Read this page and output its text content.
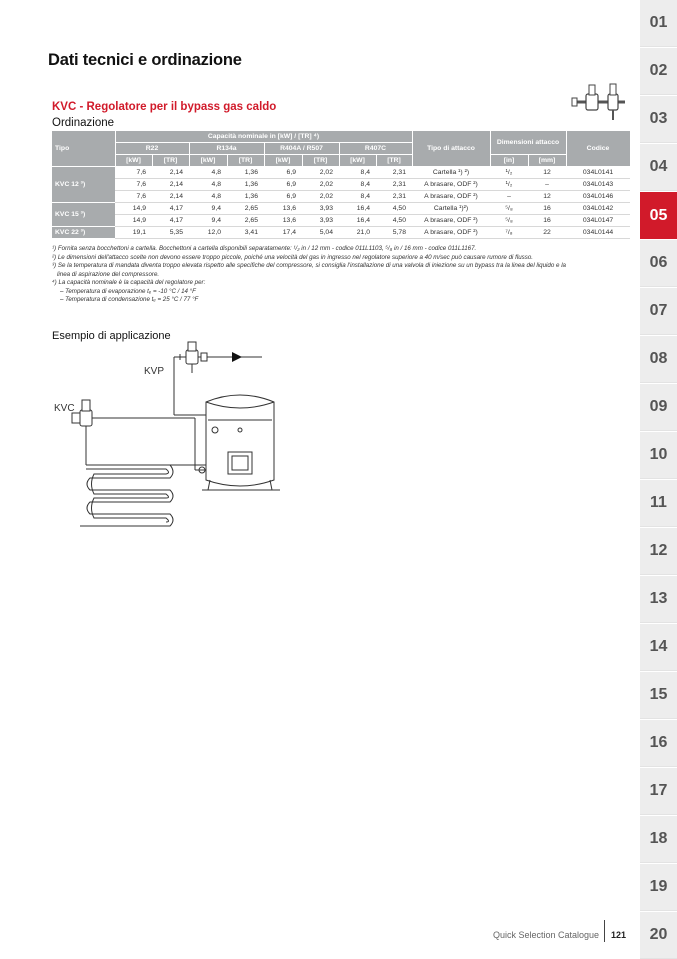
Dati tecnici e ordinazione
KVC - Regolatore per il bypass gas caldo
Ordinazione
Tipo	Capacità nominale in [kW] / [TR] ⁴)								Tipo di attacco	Dimensioni attacco		Codice
	R22		R134a		R404A / R507		R407C					
	[kW]	[TR]	[kW]	[TR]	[kW]	[TR]	[kW]	[TR]		[in]	[mm]	
KVC 12 ³)	7,6	2,14	4,8	1,36	6,9	2,02	8,4	2,31	Cartella ¹) ²)	¹/₂	12	034L0141
	7,6	2,14	4,8	1,36	6,9	2,02	8,4	2,31	A brasare, ODF ²)	¹/₂	–	034L0143
	7,6	2,14	4,8	1,36	6,9	2,02	8,4	2,31	A brasare, ODF ²)	–	12	034L0146
KVC 15 ³)	14,9	4,17	9,4	2,65	13,6	3,93	16,4	4,50	Cartella ¹)²)	⁵/₈	16	034L0142
	14,9	4,17	9,4	2,65	13,6	3,93	16,4	4,50	A brasare, ODF ²)	⁵/₈	16	034L0147
KVC 22 ³)	19,1	5,35	12,0	3,41	17,4	5,04	21,0	5,78	A brasare, ODF ²)	⁷/₈	22	034L0144
¹) Fornita senza bocchettoni a cartella. Bocchettoni a cartella disponibili separatamente: ¹/₂ in / 12 mm - codice 011L1103, ⁵/₈ in / 16 mm - codice 011L1167.
²) Le dimensioni dell'attacco scelte non devono essere troppo piccole, poiché una velocità del gas in ingresso nel regolatore superiore a 40 m/sec può causare rumore di flusso.
³) Se la temperatura di mandata diventa troppo elevata rispetto alle specifiche del compressore, si consiglia l'installazione di una valvola di iniezione su un bypass tra la linea del liquido e la
linea di aspirazione del compressore.
⁴) La capacità nominale è la capacità del regolatore per:
– Temperatura di evaporazione tₑ = -10 °C / 14 °F
– Temperatura di condensazione tₑ = 25 °C / 77 °F
Esempio di applicazione
KVP
KVC
01
02
03
04
05
06
07
08
09
10
11
12
13
14
15
16
17
18
19
20
Quick Selection Catalogue 121
